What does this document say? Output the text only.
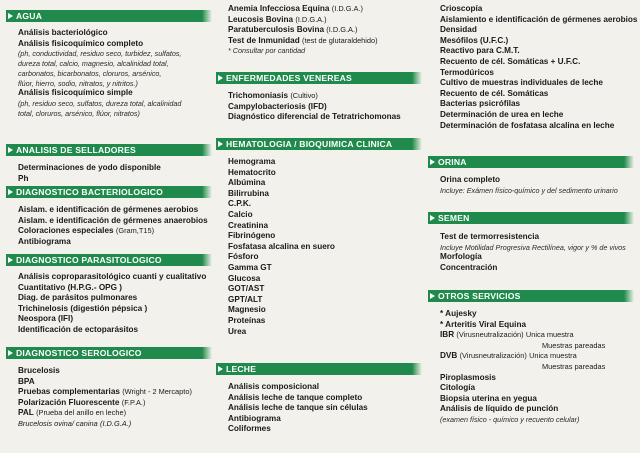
AGUA
Análisis bacteriológico
Análisis fisicoquímico completo
(ph, conductividad, residuo seco, turbidez, sulfatos,
dureza total, calcio, magnesio, alcalinidad total,
carbonatos, bicarbonatos, cloruros, arsénico,
flúor, hierro, sodio, nitratos, y nitritos.)
Análisis fisicoquímico simple
(ph, residuo seco, sulfatos, dureza total, alcalinidad
total, cloruros, arsénico, flúor, nitratos)
ANALISIS DE SELLADORES
Determinaciones de yodo disponible
Ph
DIAGNOSTICO BACTERIOLOGICO
Aislam. e identificación de gérmenes aerobios
Aislam. e identificación de gérmenes anaerobios
Coloraciones especiales (Gram,T15)
Antibiograma
DIAGNOSTICO PARASITOLOGICO
Análisis coproparasitológico cuanti y cualitativo
Cuantitativo (H.P.G.- OPG )
Diag. de parásitos pulmonares
Trichinelosis (digestión pépsica )
Neospora (IFI)
Identificación de ectoparásitos
DIAGNOSTICO SEROLOGICO
Brucelosis
BPA
Pruebas complementarias (Wright - 2 Mercapto)
Polarización Fluorescente (F.P.A.)
PAL (Prueba del anillo en leche)
Brucelosis ovina/ canina (I.D.G.A.)
Anemia Infecciosa Equina (I.D.G.A.)
Leucosis Bovina (I.D.G.A.)
Paratuberculosis Bovina (I.D.G.A.)
Test de Inmunidad (test de glutaraldehido)
* Consultar por cantidad
ENFERMEDADES VENEREAS
Trichomoniasis (Cultivo)
Campylobacteriosis (IFD)
Diagnóstico diferencial de Tetratrichomonas
HEMATOLOGIA / BIOQUIMICA CLINICA
Hemograma
Hematocrito
Albúmina
Bilirrubina
C.P.K.
Calcio
Creatinina
Fibrinógeno
Fosfatasa alcalina en suero
Fósforo
Gamma GT
Glucosa
GOT/AST
GPT/ALT
Magnesio
Proteínas
Urea
LECHE
Análisis composicional
Análisis leche de tanque completo
Análisis leche de tanque sin células
Antibiograma
Coliformes
Crioscopía
Aislamiento e identificación de gérmenes aerobios
Densidad
Mesófilos (U.F.C.)
Reactivo para C.M.T.
Recuento de cél. Somáticas + U.F.C.
Termodúricos
Cultivo de muestras individuales de leche
Recuento de cél. Somáticas
Bacterias psicrófilas
Determinación de urea en leche
Determinación de fosfatasa alcalina en leche
ORINA
Orina completo
Incluye: Exámen físico-químico y del sedimento urinario
SEMEN
Test de termorresistencia
Incluye Motilidad Progresiva Rectilínea, vigor y % de vivos
Morfología
Concentración
OTROS SERVICIOS
* Aujesky
* Arteritis Viral Equina
IBR (Virusneutralización) Unica muestra
Muestras pareadas
DVB (Virusneutralización) Unica muestra
Muestras pareadas
Piroplasmosis
Citología
Biopsia uterina en yegua
Análisis de líquido de punción
(examen físico - químico y recuento celular)
